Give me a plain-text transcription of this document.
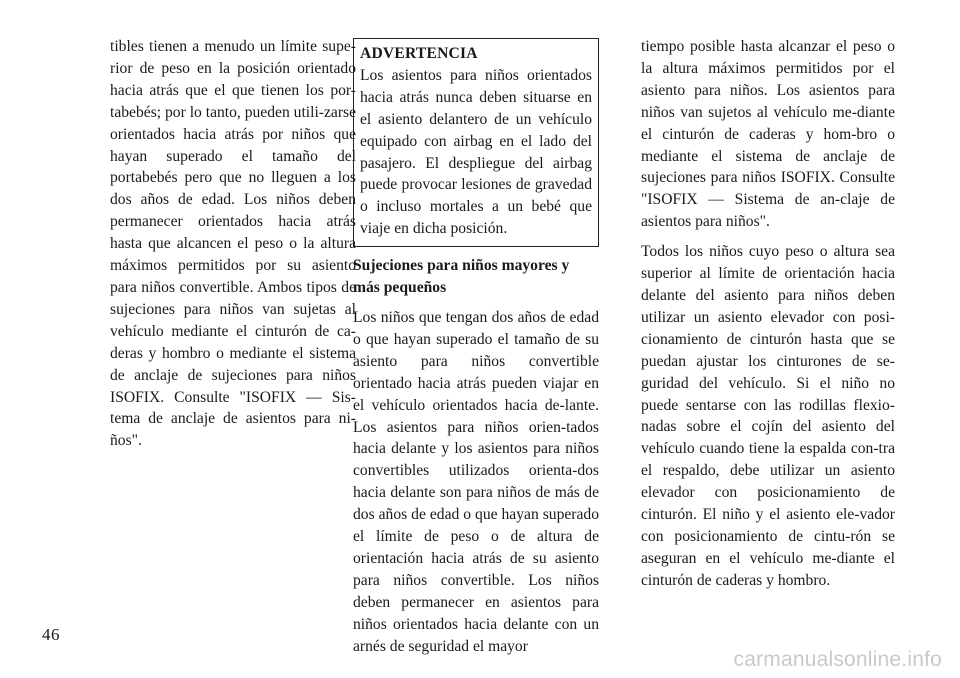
tibles tienen a menudo un límite supe-rior de peso en la posición orientado hacia atrás que el que tienen los por-tabebés; por lo tanto, pueden utili-zarse orientados hacia atrás por niños que hayan superado el tamaño del portabebés pero que no lleguen a los dos años de edad. Los niños deben permanecer orientados hacia atrás hasta que alcancen el peso o la altura máximos permitidos por su asiento para niños convertible. Ambos tipos de sujeciones para niños van sujetas al vehículo mediante el cinturón de ca-deras y hombro o mediante el sistema de anclaje de sujeciones para niños ISOFIX. Consulte "ISOFIX — Sis-tema de anclaje de asientos para ni-ños".

ADVERTENCIA
Los asientos para niños orientados hacia atrás nunca deben situarse en el asiento delantero de un vehículo equipado con airbag en el lado del pasajero. El despliegue del airbag puede provocar lesiones de gravedad o incluso mortales a un bebé que viaje en dicha posición.

Sujeciones para niños mayores y más pequeños

Los niños que tengan dos años de edad o que hayan superado el tamaño de su asiento para niños convertible orientado hacia atrás pueden viajar en el vehículo orientados hacia de-lante. Los asientos para niños orien-tados hacia delante y los asientos para niños convertibles utilizados orienta-dos hacia delante son para niños de más de dos años de edad o que hayan superado el límite de peso o de altura de orientación hacia atrás de su asiento para niños convertible. Los niños deben permanecer en asientos para niños orientados hacia delante con un arnés de seguridad el mayor

tiempo posible hasta alcanzar el peso o la altura máximos permitidos por el asiento para niños. Los asientos para niños van sujetos al vehículo me-diante el cinturón de caderas y hom-bro o mediante el sistema de anclaje de sujeciones para niños ISOFIX. Consulte "ISOFIX — Sistema de an-claje de asientos para niños".

Todos los niños cuyo peso o altura sea superior al límite de orientación hacia delante del asiento para niños deben utilizar un asiento elevador con posi-cionamiento de cinturón hasta que se puedan ajustar los cinturones de se-guridad del vehículo. Si el niño no puede sentarse con las rodillas flexio-nadas sobre el cojín del asiento del vehículo cuando tiene la espalda con-tra el respaldo, debe utilizar un asiento elevador con posicionamiento de cinturón. El niño y el asiento ele-vador con posicionamiento de cintu-rón se aseguran en el vehículo me-diante el cinturón de caderas y hombro.

46
carmanualsonline.info
